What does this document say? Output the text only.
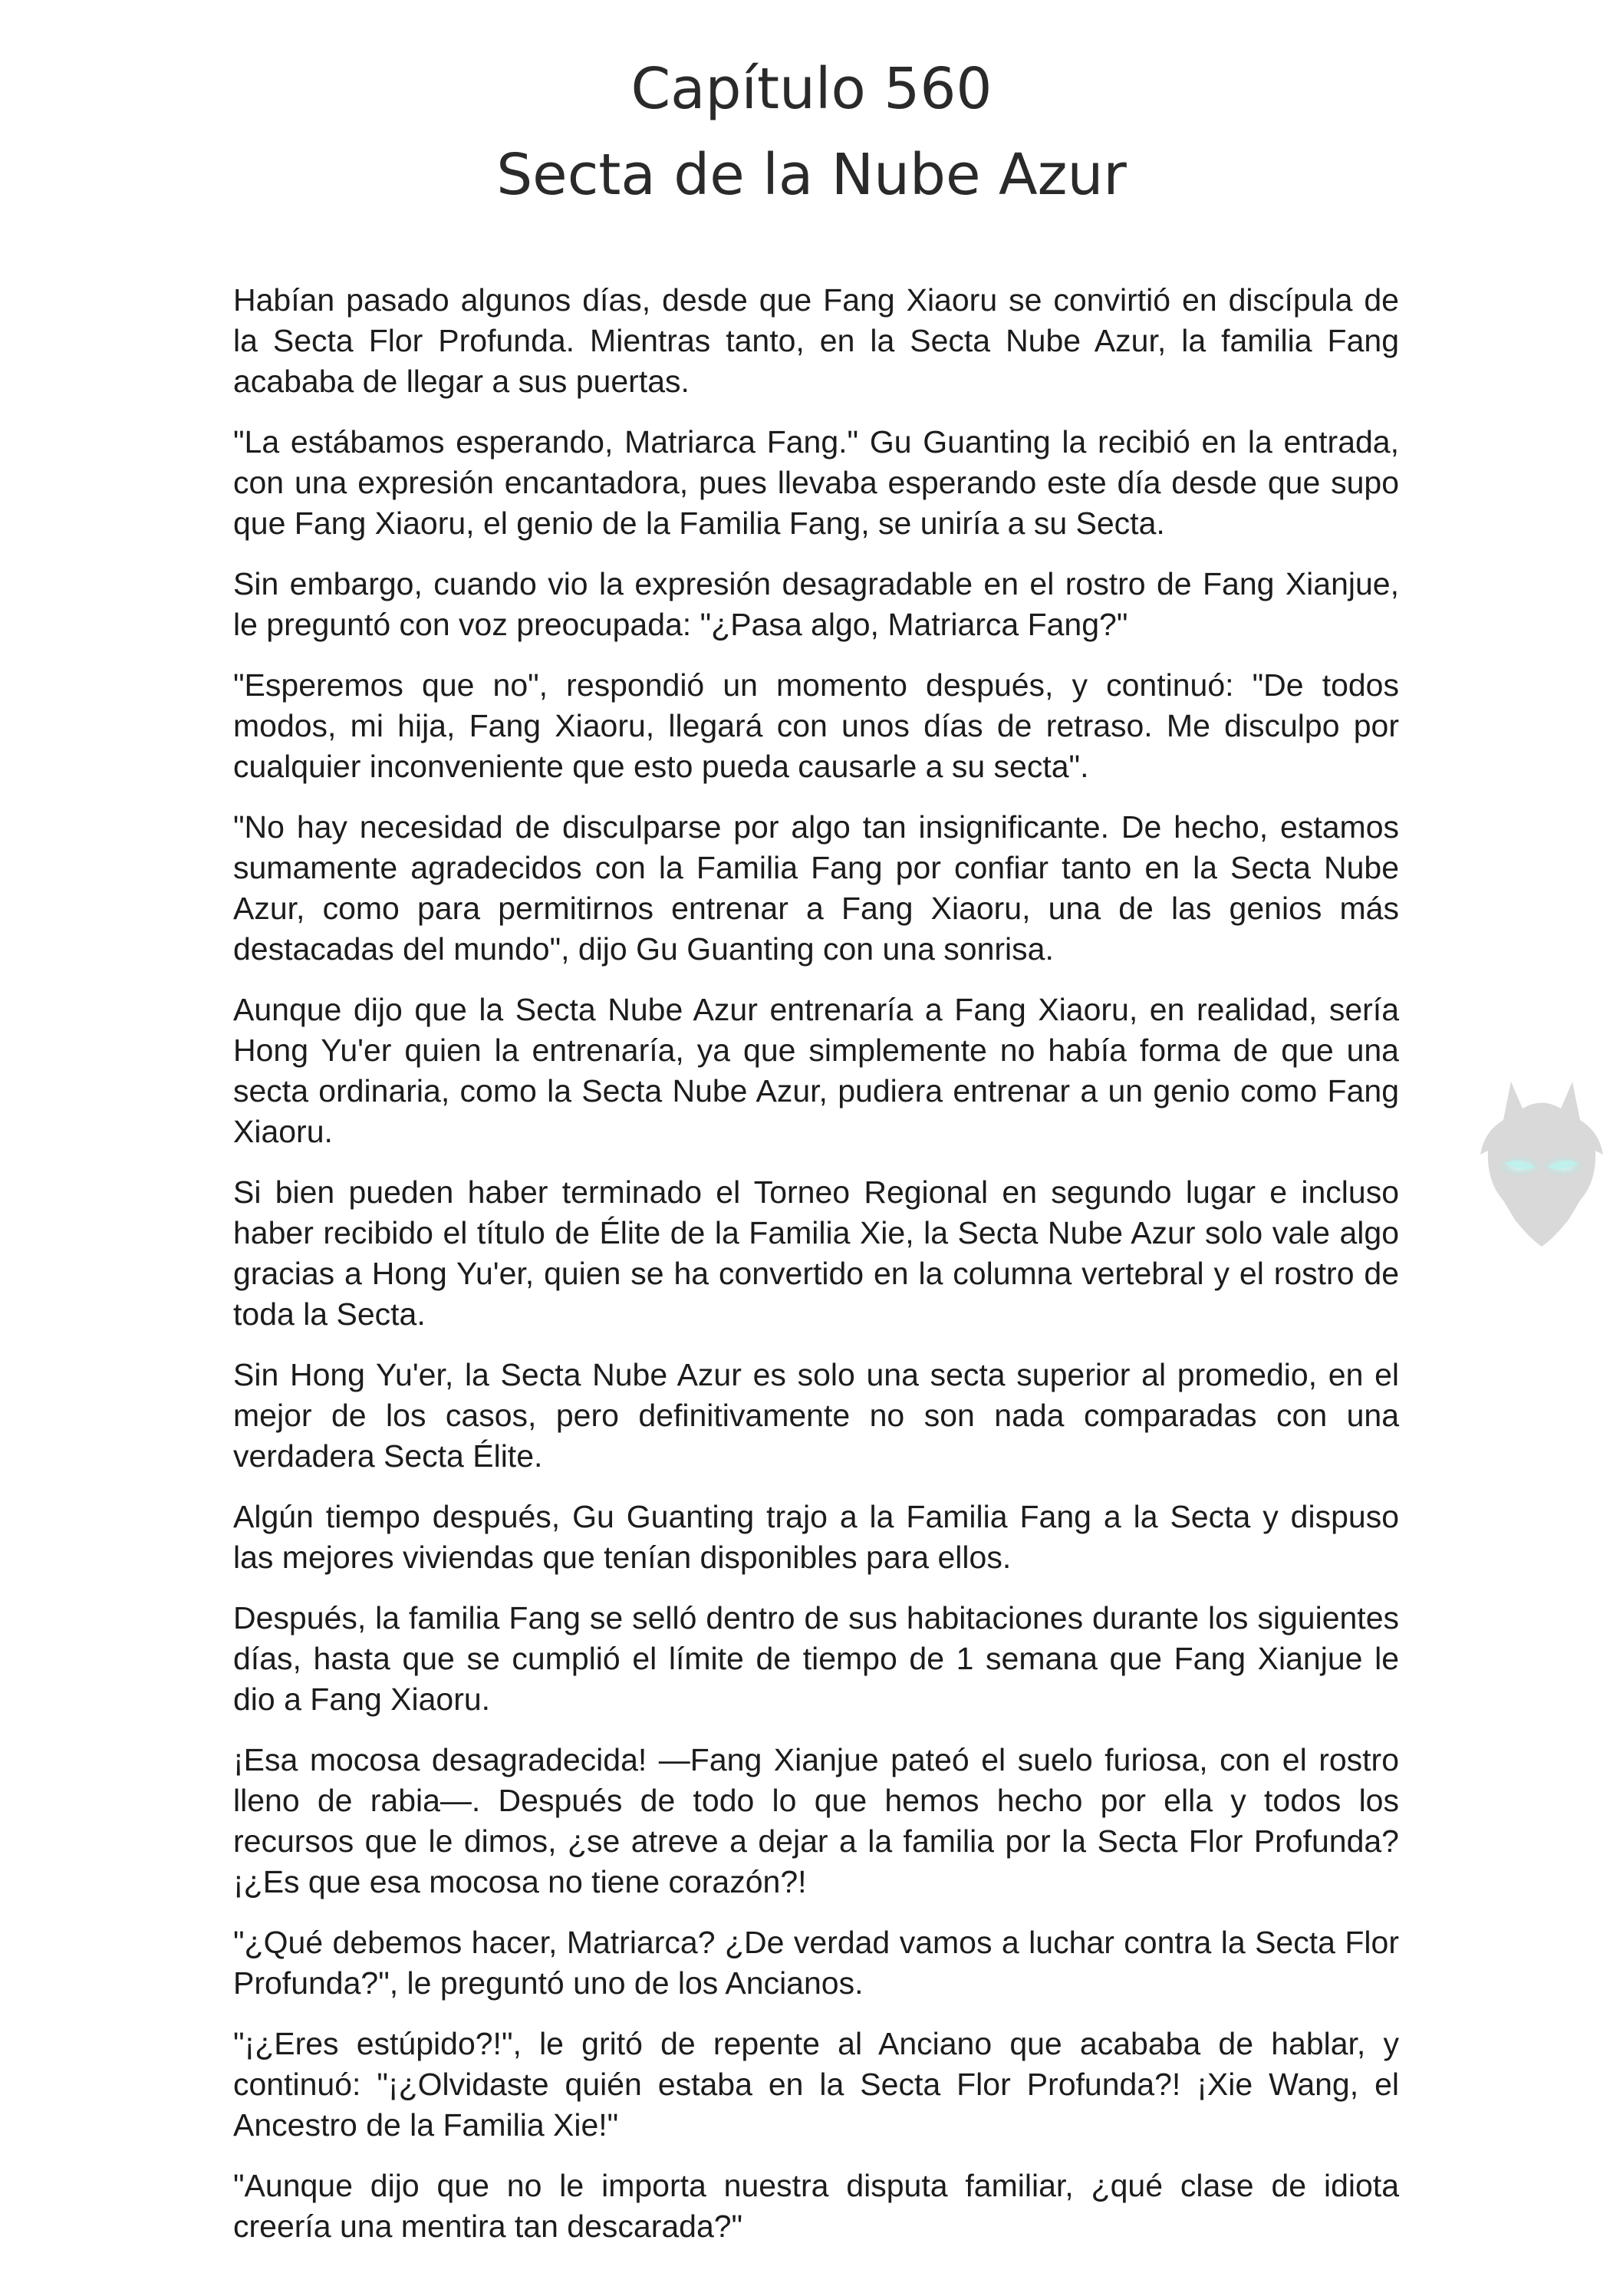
Capítulo 560
Secta de la Nube Azur

Habían pasado algunos días, desde que Fang Xiaoru se convirtió en discípula de la Secta Flor Profunda. Mientras tanto, en la Secta Nube Azur, la familia Fang acababa de llegar a sus puertas.

"La estábamos esperando, Matriarca Fang." Gu Guanting la recibió en la entrada, con una expresión encantadora, pues llevaba esperando este día desde que supo que Fang Xiaoru, el genio de la Familia Fang, se uniría a su Secta.

Sin embargo, cuando vio la expresión desagradable en el rostro de Fang Xianjue, le preguntó con voz preocupada: "¿Pasa algo, Matriarca Fang?"

"Esperemos que no", respondió un momento después, y continuó: "De todos modos, mi hija, Fang Xiaoru, llegará con unos días de retraso. Me disculpo por cualquier inconveniente que esto pueda causarle a su secta".

"No hay necesidad de disculparse por algo tan insignificante. De hecho, estamos sumamente agradecidos con la Familia Fang por confiar tanto en la Secta Nube Azur, como para permitirnos entrenar a Fang Xiaoru, una de las genios más destacadas del mundo", dijo Gu Guanting con una sonrisa.

Aunque dijo que la Secta Nube Azur entrenaría a Fang Xiaoru, en realidad, sería Hong Yu'er quien la entrenaría, ya que simplemente no había forma de que una secta ordinaria, como la Secta Nube Azur, pudiera entrenar a un genio como Fang Xiaoru.

Si bien pueden haber terminado el Torneo Regional en segundo lugar e incluso haber recibido el título de Élite de la Familia Xie, la Secta Nube Azur solo vale algo gracias a Hong Yu'er, quien se ha convertido en la columna vertebral y el rostro de toda la Secta.

Sin Hong Yu'er, la Secta Nube Azur es solo una secta superior al promedio, en el mejor de los casos, pero definitivamente no son nada comparadas con una verdadera Secta Élite.

Algún tiempo después, Gu Guanting trajo a la Familia Fang a la Secta y dispuso las mejores viviendas que tenían disponibles para ellos.

Después, la familia Fang se selló dentro de sus habitaciones durante los siguientes días, hasta que se cumplió el límite de tiempo de 1 semana que Fang Xianjue le dio a Fang Xiaoru.

¡Esa mocosa desagradecida! —Fang Xianjue pateó el suelo furiosa, con el rostro lleno de rabia—. Después de todo lo que hemos hecho por ella y todos los recursos que le dimos, ¿se atreve a dejar a la familia por la Secta Flor Profunda? ¡¿Es que esa mocosa no tiene corazón?!

"¿Qué debemos hacer, Matriarca? ¿De verdad vamos a luchar contra la Secta Flor Profunda?", le preguntó uno de los Ancianos.

"¡¿Eres estúpido?!", le gritó de repente al Anciano que acababa de hablar, y continuó: "¡¿Olvidaste quién estaba en la Secta Flor Profunda?! ¡Xie Wang, el Ancestro de la Familia Xie!"

"Aunque dijo que no le importa nuestra disputa familiar, ¿qué clase de idiota creería una mentira tan descarada?"
